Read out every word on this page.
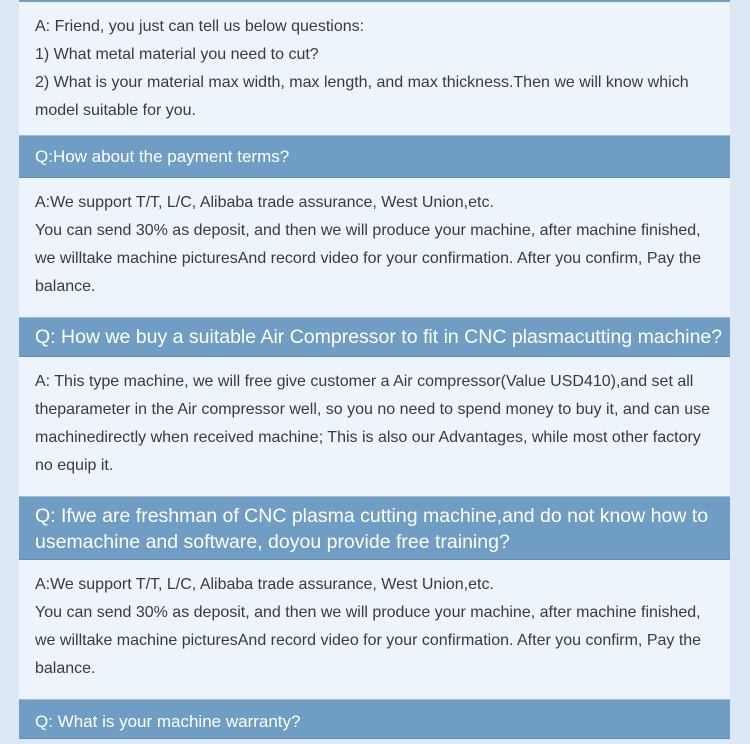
A: Friend, you just can tell us below questions:

1) What metal material you need to cut?

2) What is your material max width, max length, and max thickness.Then we will know which model suitable for you.

Q:How about the payment terms?

A:We support T/T, L/C, Alibaba trade assurance, West Union,etc.

You can send 30% as deposit, and then we will produce your machine, after machine finished, we willtake machine picturesAnd record video for your confirmation. After you confirm, Pay the balance.

Q: How we buy a suitable Air Compressor to fit in CNC plasmacutting machine?

A: This type machine, we will free give customer a Air compressor(Value USD410),and set all theparameter in the Air compressor well, so you no need to spend money to buy it, and can use machinedirectly when received machine; This is also our Advantages, while most other factory no equip it.

Q: Ifwe are freshman of CNC plasma cutting machine,and do not know how to usemachine and software, doyou provide free training?

A:We support T/T, L/C, Alibaba trade assurance, West Union,etc.

You can send 30% as deposit, and then we will produce your machine, after machine finished, we willtake machine picturesAnd record video for your confirmation. After you confirm, Pay the balance.

Q: What is your machine warranty?
